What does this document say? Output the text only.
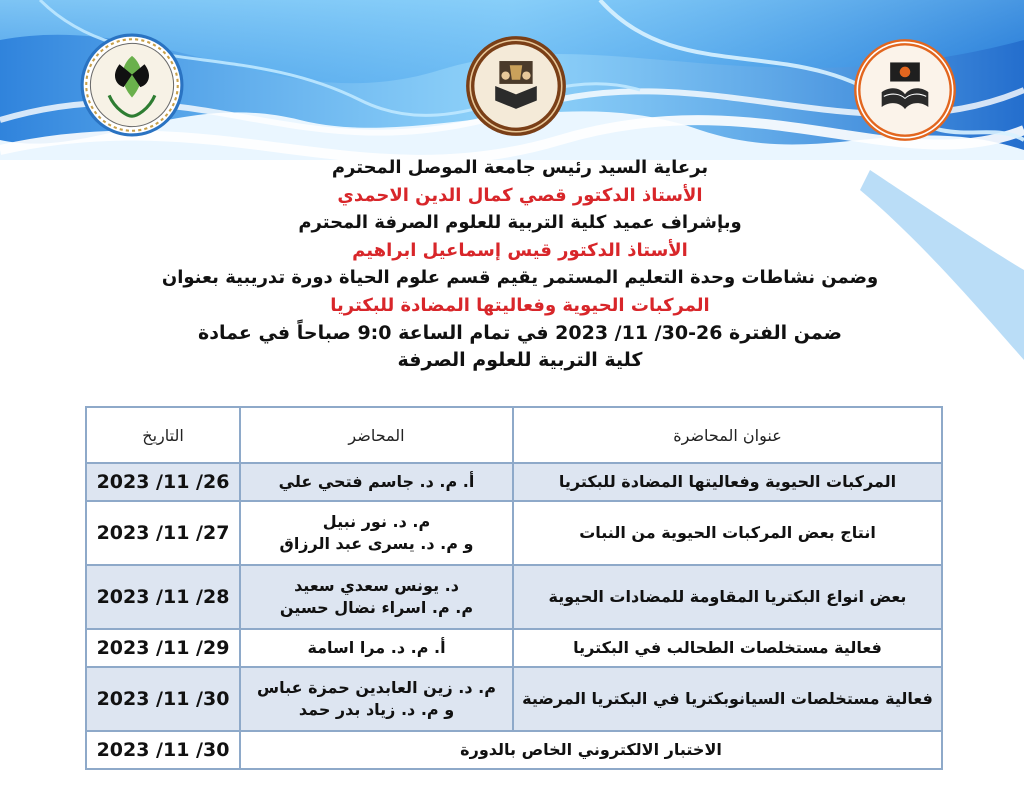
برعاية السيد رئيس جامعة الموصل المحترم
الأستاذ الدكتور قصي كمال الدين الاحمدي
وبإشراف عميد كلية التربية للعلوم الصرفة المحترم
الأستاذ الدكتور قيس إسماعيل ابراهيم
وضمن نشاطات وحدة التعليم المستمر يقيم قسم علوم الحياة دورة تدريبية بعنوان
المركبات الحيوية وفعاليتها المضادة للبكتريا
ضمن الفترة 26-30/ 11/ 2023 في تمام الساعة 9:0 صباحاً في عمادة
كلية التربية للعلوم الصرفة
عنوان المحاضرة	المحاضر	التاريخ
المركبات الحيوية وفعاليتها المضادة للبكتريا	أ. م. د. جاسم فتحي علي	2023 /11 /26
انتاج بعض المركبات الحيوية من النبات	م. د. نور نبيل
و م. د. يسرى عبد الرزاق	2023 /11 /27
بعض انواع البكتريا المقاومة للمضادات الحيوية	د. يونس سعدي سعيد
م. م. اسراء نضال حسين	2023 /11 /28
فعالية مستخلصات الطحالب في البكتريا	أ. م. د. مرا اسامة	2023 /11 /29
فعالية مستخلصات السيانوبكتريا في البكتريا المرضية	م. د. زين العابدين حمزة عباس
و م. د. زياد بدر حمد	2023 /11 /30
الاختبار الالكتروني الخاص بالدورة		2023 /11 /30
